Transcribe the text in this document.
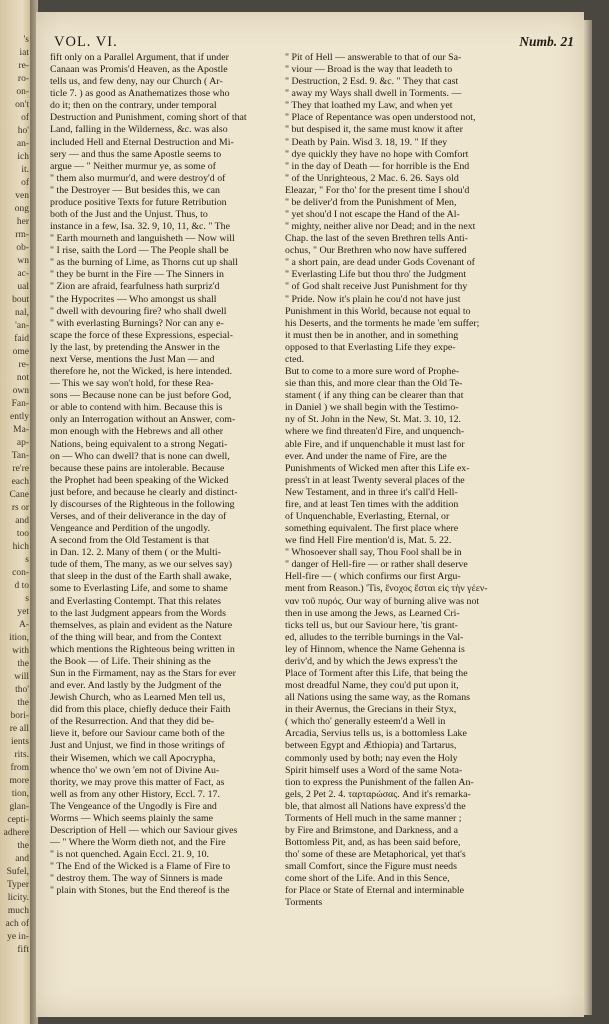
's
iat
re-
ro-
on-
on't
of
ho'
an-
ich
it.
of
ven
ong
her
rm-
ob-
wn
ac-
ual
bout
nal,
'an-
faid
ome
re-
not
own
Fan-
ently
Ma-
ap-
Tan-
re're
each
Cane
rs or
and
too
hich
s
con-
d to
s
yet
A-
ition,
with
the
will
tho'
the
bori-
re all
ients
rits.
from
more
tion,
glan-
cepti-
adhere
the
and
Sufel,
Typer
licity.
much
ach of
ye in-
fift
VOL. VI.	Numb. 21
fift only on a Parallel Argument, that if under
Canaan was Promis'd Heaven, as the Apostle
tells us, and few deny, nay our Church ( Ar-
ticle 7. ) as good as Anathematizes those who
do it; then on the contrary, under temporal
Destruction and Punishment, coming short of that
Land, falling in the Wilderness, &c. was also
included Hell and Eternal Destruction and Mi-
sery — and thus the same Apostle seems to
argue — " Neither murmur ye, as some of
" them also murmur'd, and were destroy'd of
" the Destroyer — But besides this, we can
produce positive Texts for future Retribution
both of the Just and the Unjust. Thus, to
instance in a few, Isa. 32. 9, 10, 11, &c. " The
" Earth mourneth and languisheth — Now will
" I rise, saith the Lord — The People shall be
" as the burning of Lime, as Thorns cut up shall
" they be burnt in the Fire — The Sinners in
" Zion are afraid, fearfulness hath surpriz'd
" the Hypocrites — Who amongst us shall
" dwell with devouring fire? who shall dwell
" with everlasting Burnings? Nor can any e-
scape the force of these Expressions, especial-
ly the last, by pretending the Answer in the
next Verse, mentions the Just Man — and
therefore he, not the Wicked, is here intended.
— This we say won't hold, for these Rea-
sons — Because none can be just before God,
or able to contend with him. Because this is
only an Interrogation without an Answer, com-
mon enough with the Hebrews and all other
Nations, being equivalent to a strong Negati-
on — Who can dwell? that is none can dwell,
because these pains are intolerable. Because
the Prophet had been speaking of the Wicked
just before, and because he clearly and distinct-
ly discourses of the Righteous in the following
Verses, and of their deliverance in the day of
Vengeance and Perdition of the ungodly.
A second from the Old Testament is that
in Dan. 12. 2. Many of them ( or the Multi-
tude of them, The many, as we our selves say)
that sleep in the dust of the Earth shall awake,
some to Everlasting Life, and some to shame
and Everlasting Contempt. That this relates
to the last Judgment appears from the Words
themselves, as plain and evident as the Nature
of the thing will bear, and from the Context
which mentions the Righteous being written in
the Book — of Life. Their shining as the
Sun in the Firmament, nay as the Stars for ever
and ever. And lastly by the Judgment of the
Jewish Church, who as Learned Men tell us,
did from this place, chiefly deduce their Faith
of the Resurrection. And that they did be-
lieve it, before our Saviour came both of the
Just and Unjust, we find in those writings of
their Wisemen, which we call Apocrypha,
whence tho' we own 'em not of Divine Au-
thority, we may prove this matter of Fact, as
well as from any other History, Eccl. 7. 17.
The Vengeance of the Ungodly is Fire and
Worms — Which seems plainly the same
Description of Hell — which our Saviour gives
— " Where the Worm dieth not, and the Fire
" is not quenched. Again Eccl. 21. 9, 10.
" The End of the Wicked is a Flame of Fire to
" destroy them. The way of Sinners is made
" plain with Stones, but the End thereof is the
" Pit of Hell — answerable to that of our Sa-
" viour — Broad is the way that leadeth to
" Destruction, 2 Esd. 9. &c. " They that cast
" away my Ways shall dwell in Torments. —
" They that loathed my Law, and when yet
" Place of Repentance was open understood not,
" but despised it, the same must know it after
" Death by Pain. Wisd 3. 18, 19. " If they
" dye quickly they have no hope with Comfort
" in the day of Death — for horrible is the End
" of the Unrighteous, 2 Mac. 6. 26. Says old
Eleazar, " For tho' for the present time I shou'd
" be deliver'd from the Punishment of Men,
" yet shou'd I not escape the Hand of the Al-
" mighty, neither alive nor Dead; and in the next
Chap. the last of the seven Brethren tells Anti-
ochus, " Our Brethren who now have suffered
" a short pain, are dead under Gods Covenant of
" Everlasting Life but thou thro' the Judgment
" of God shalt receive Just Punishment for thy
" Pride. Now it's plain he cou'd not have just
Punishment in this World, because not equal to
his Deserts, and the torments he made 'em suffer;
it must then be in another, and in something
opposed to that Everlasting Life they expe-
cted.
But to come to a more sure word of Prophe-
sie than this, and more clear than the Old Te-
stament ( if any thing can be clearer than that
in Daniel ) we shall begin with the Testimo-
ny of St. John in the New, St. Mat. 3. 10, 12.
where we find threaten'd Fire, and unquench-
able Fire, and if unquenchable it must last for
ever. And under the name of Fire, are the
Punishments of Wicked men after this Life ex-
press't in at least Twenty several places of the
New Testament, and in three it's call'd Hell-
fire, and at least Ten times with the addition
of Unquenchable, Everlasting, Eternal, or
something equivalent. The first place where
we find Hell Fire mention'd is, Mat. 5. 22.
" Whosoever shall say, Thou Fool shall be in
" danger of Hell-fire — or rather shall deserve
Hell-fire — ( which confirms our first Argu-
ment from Reason.) 'Tis, ἔνοχος ἔσται εἰς τὴν γέεν-
ναν τοῦ πυρός. Our way of burning alive was not
then in use among the Jews, as Learned Cri-
ticks tell us, but our Saviour here, 'tis grant-
ed, alludes to the terrible burnings in the Val-
ley of Hinnom, whence the Name Gehenna is
deriv'd, and by which the Jews express't the
Place of Torment after this Life, that being the
most dreadful Name, they cou'd put upon it,
all Nations using the same way, as the Romans
in their Avernus, the Grecians in their Styx,
( which tho' generally esteem'd a Well in
Arcadia, Servius tells us, is a bottomless Lake
between Egypt and Æthiopia) and Tartarus,
commonly used by both; nay even the Holy
Spirit himself uses a Word of the same Nota-
tion to express the Punishment of the fallen An-
gels, 2 Pet 2. 4. ταρταρώσας. And it's remarka-
ble, that almost all Nations have express'd the
Torments of Hell much in the same manner ;
by Fire and Brimstone, and Darkness, and a
Bottomless Pit, and, as has been said before,
tho' some of these are Metaphorical, yet that's
small Comfort, since the Figure must needs
come short of the Life. And in this Sence,
for Place or State of Eternal and interminable
Torments
